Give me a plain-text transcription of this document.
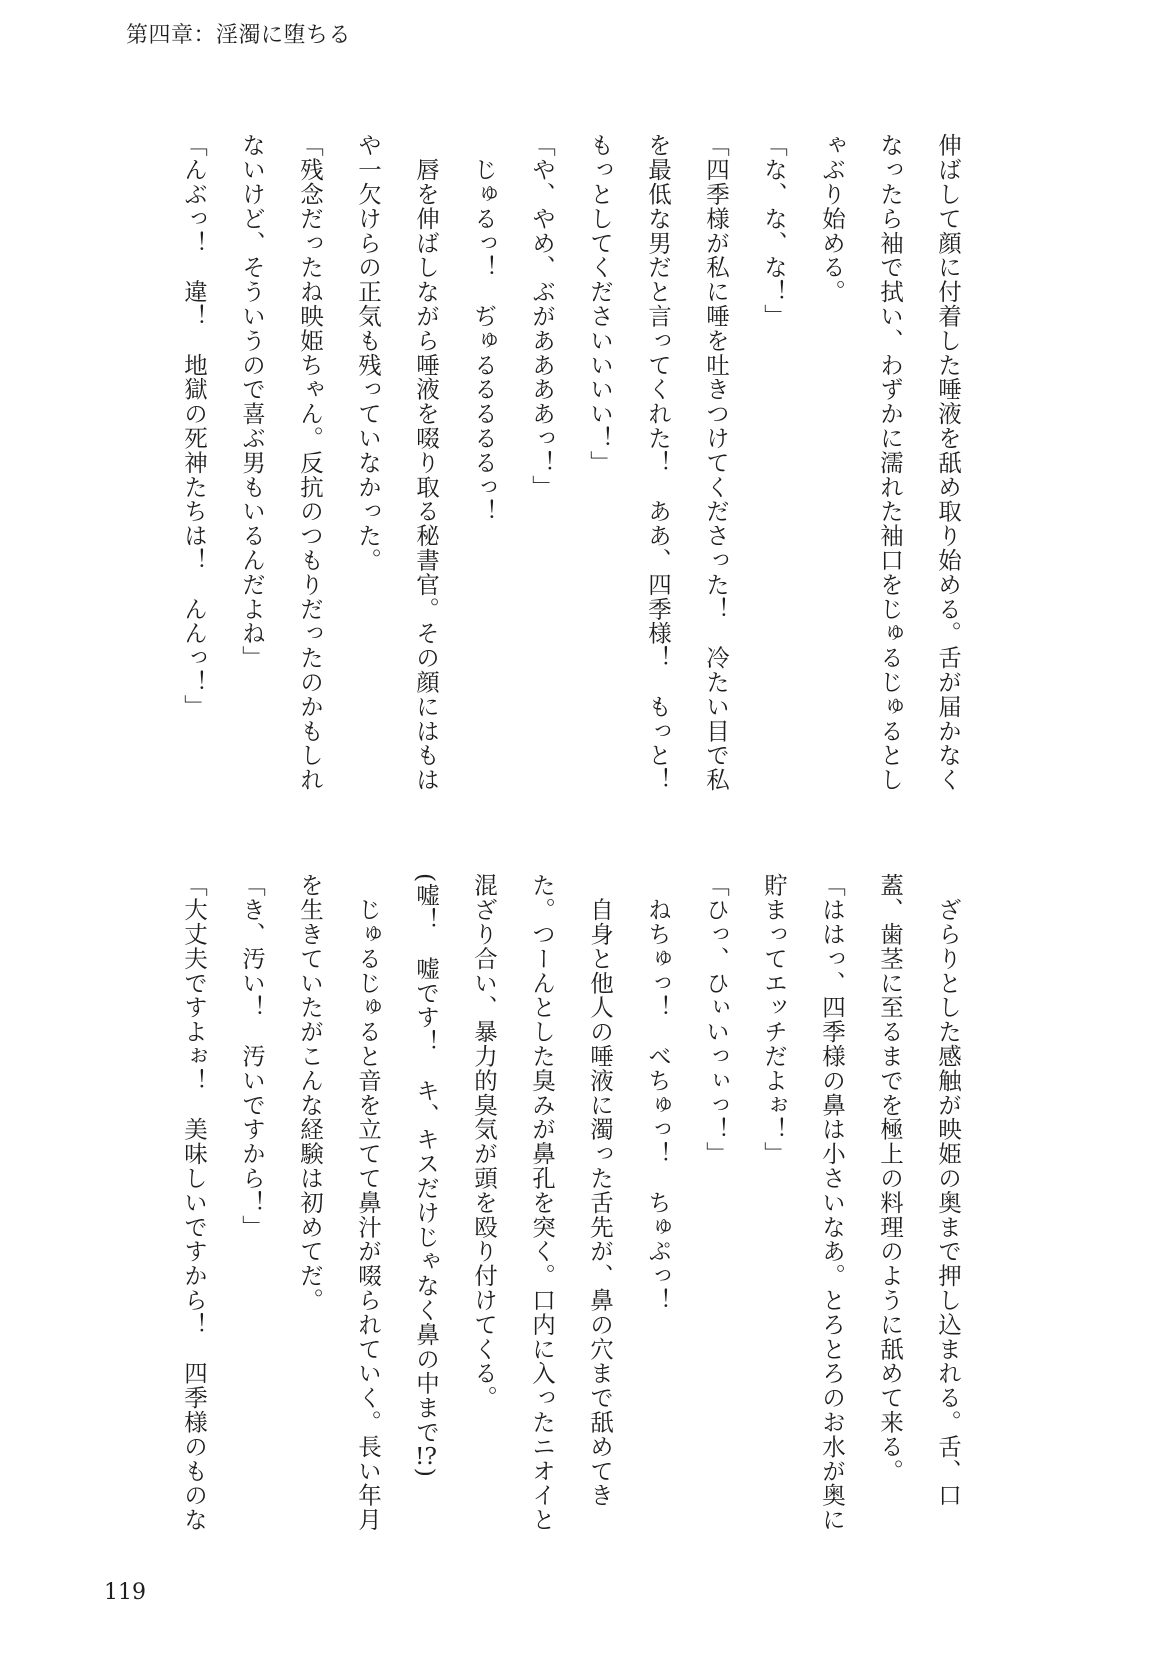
第四章：淫濁に堕ちる
伸ばして顔に付着した唾液を舐め取り始める。舌が届かなく
なったら袖で拭い、わずかに濡れた袖口をじゅるじゅるとし
ゃぶり始める。
「な、な、な！」
「四季様が私に唾を吐きつけてくださった！　冷たい目で私
を最低な男だと言ってくれた！　ああ、四季様！　もっと！
もっとしてくださいいいい！」
「や、やめ、ぶがああああっ！」
　じゅるっ！　ぢゅるるるるるっ！
　唇を伸ばしながら唾液を啜り取る秘書官。その顔にはもは
や一欠けらの正気も残っていなかった。
「残念だったね映姫ちゃん。反抗のつもりだったのかもしれ
ないけど、そういうので喜ぶ男もいるんだよね」
「んぶっ！　違！　地獄の死神たちは！　んんっ！」
　ざらりとした感触が映姫の奥まで押し込まれる。舌、口
蓋、歯茎に至るまでを極上の料理のように舐めて来る。
「ははっ、四季様の鼻は小さいなあ。とろとろのお水が奥に
貯まってエッチだよぉ！」
「ひっ、ひぃいっぃっ！」
　ねちゅっ！　べちゅっ！　ちゅぷっ！
　自身と他人の唾液に濁った舌先が、鼻の穴まで舐めてき
た。つーんとした臭みが鼻孔を突く。口内に入ったニオイと
混ざり合い、暴力的臭気が頭を殴り付けてくる。
(嘘！　嘘です！　キ、キスだけじゃなく鼻の中まで!?)
　じゅるじゅると音を立てて鼻汁が啜られていく。長い年月
を生きていたがこんな経験は初めてだ。
「き、汚い！　汚いですから！」
「大丈夫ですよぉ！　美味しいですから！　四季様のものな
119
